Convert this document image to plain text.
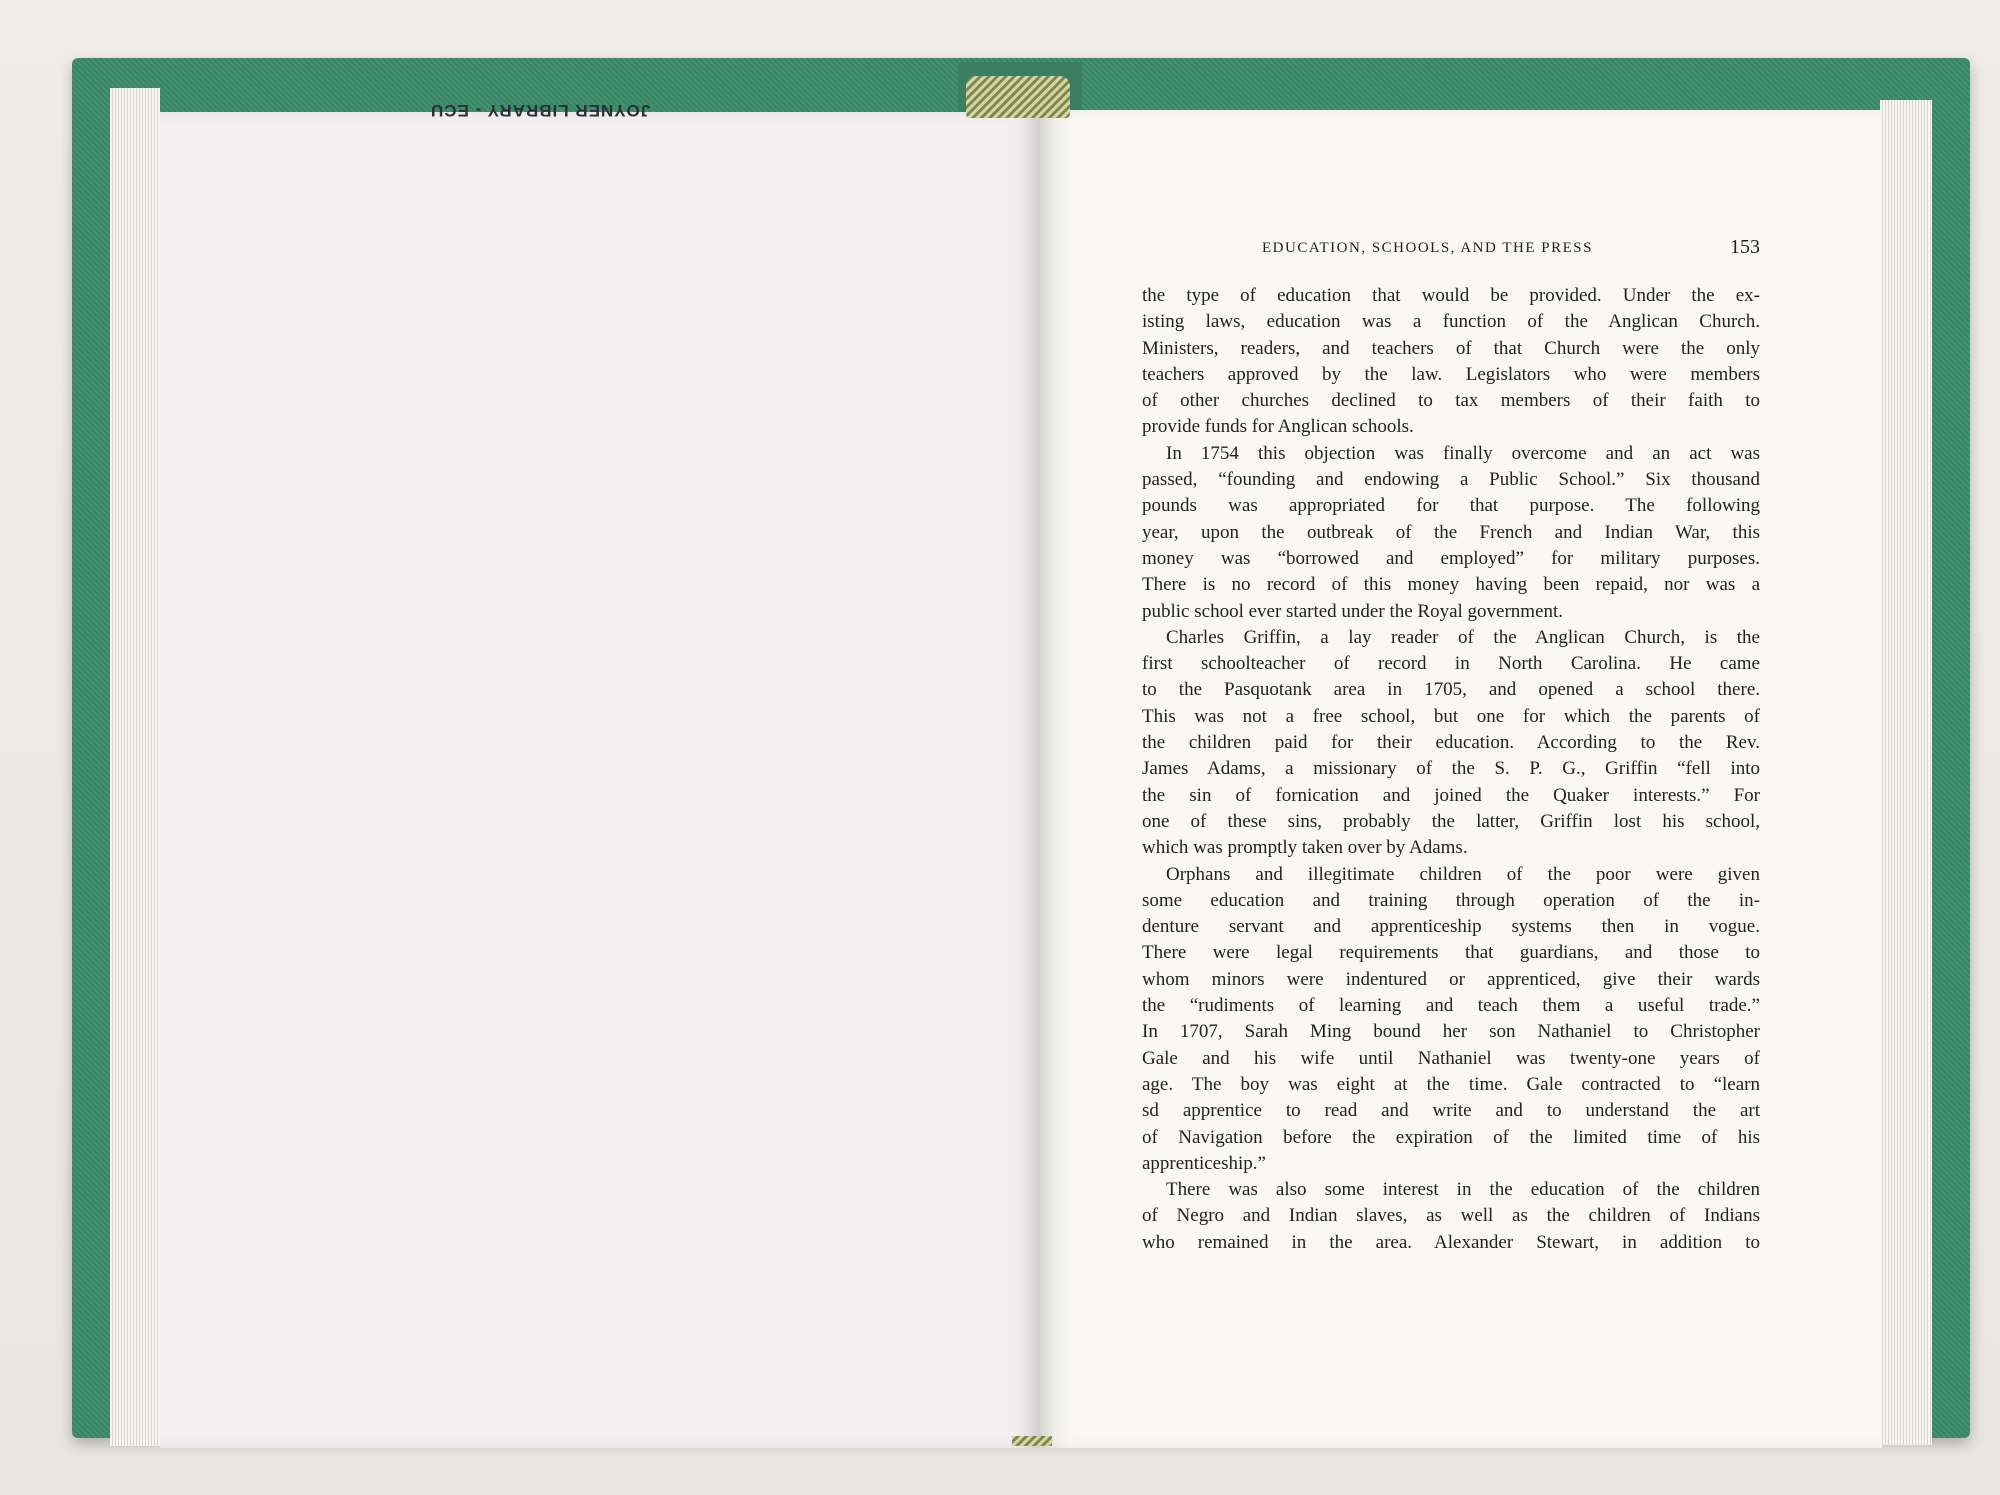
JOYNER LIBRARY - ECU
EDUCATION, SCHOOLS, AND THE PRESS	153
the type of education that would be provided. Under the ex-
isting laws, education was a function of the Anglican Church.
Ministers, readers, and teachers of that Church were the only
teachers approved by the law. Legislators who were members
of other churches declined to tax members of their faith to
provide funds for Anglican schools.
In 1754 this objection was finally overcome and an act was
passed, “founding and endowing a Public School.” Six thousand
pounds was appropriated for that purpose. The following
year, upon the outbreak of the French and Indian War, this
money was “borrowed and employed” for military purposes.
There is no record of this money having been repaid, nor was a
public school ever started under the Royal government.
Charles Griffin, a lay reader of the Anglican Church, is the
first schoolteacher of record in North Carolina. He came
to the Pasquotank area in 1705, and opened a school there.
This was not a free school, but one for which the parents of
the children paid for their education. According to the Rev.
James Adams, a missionary of the S. P. G., Griffin “fell into
the sin of fornication and joined the Quaker interests.” For
one of these sins, probably the latter, Griffin lost his school,
which was promptly taken over by Adams.
Orphans and illegitimate children of the poor were given
some education and training through operation of the in-
denture servant and apprenticeship systems then in vogue.
There were legal requirements that guardians, and those to
whom minors were indentured or apprenticed, give their wards
the “rudiments of learning and teach them a useful trade.”
In 1707, Sarah Ming bound her son Nathaniel to Christopher
Gale and his wife until Nathaniel was twenty-one years of
age. The boy was eight at the time. Gale contracted to “learn
sd apprentice to read and write and to understand the art
of Navigation before the expiration of the limited time of his
apprenticeship.”
There was also some interest in the education of the children
of Negro and Indian slaves, as well as the children of Indians
who remained in the area. Alexander Stewart, in addition to
